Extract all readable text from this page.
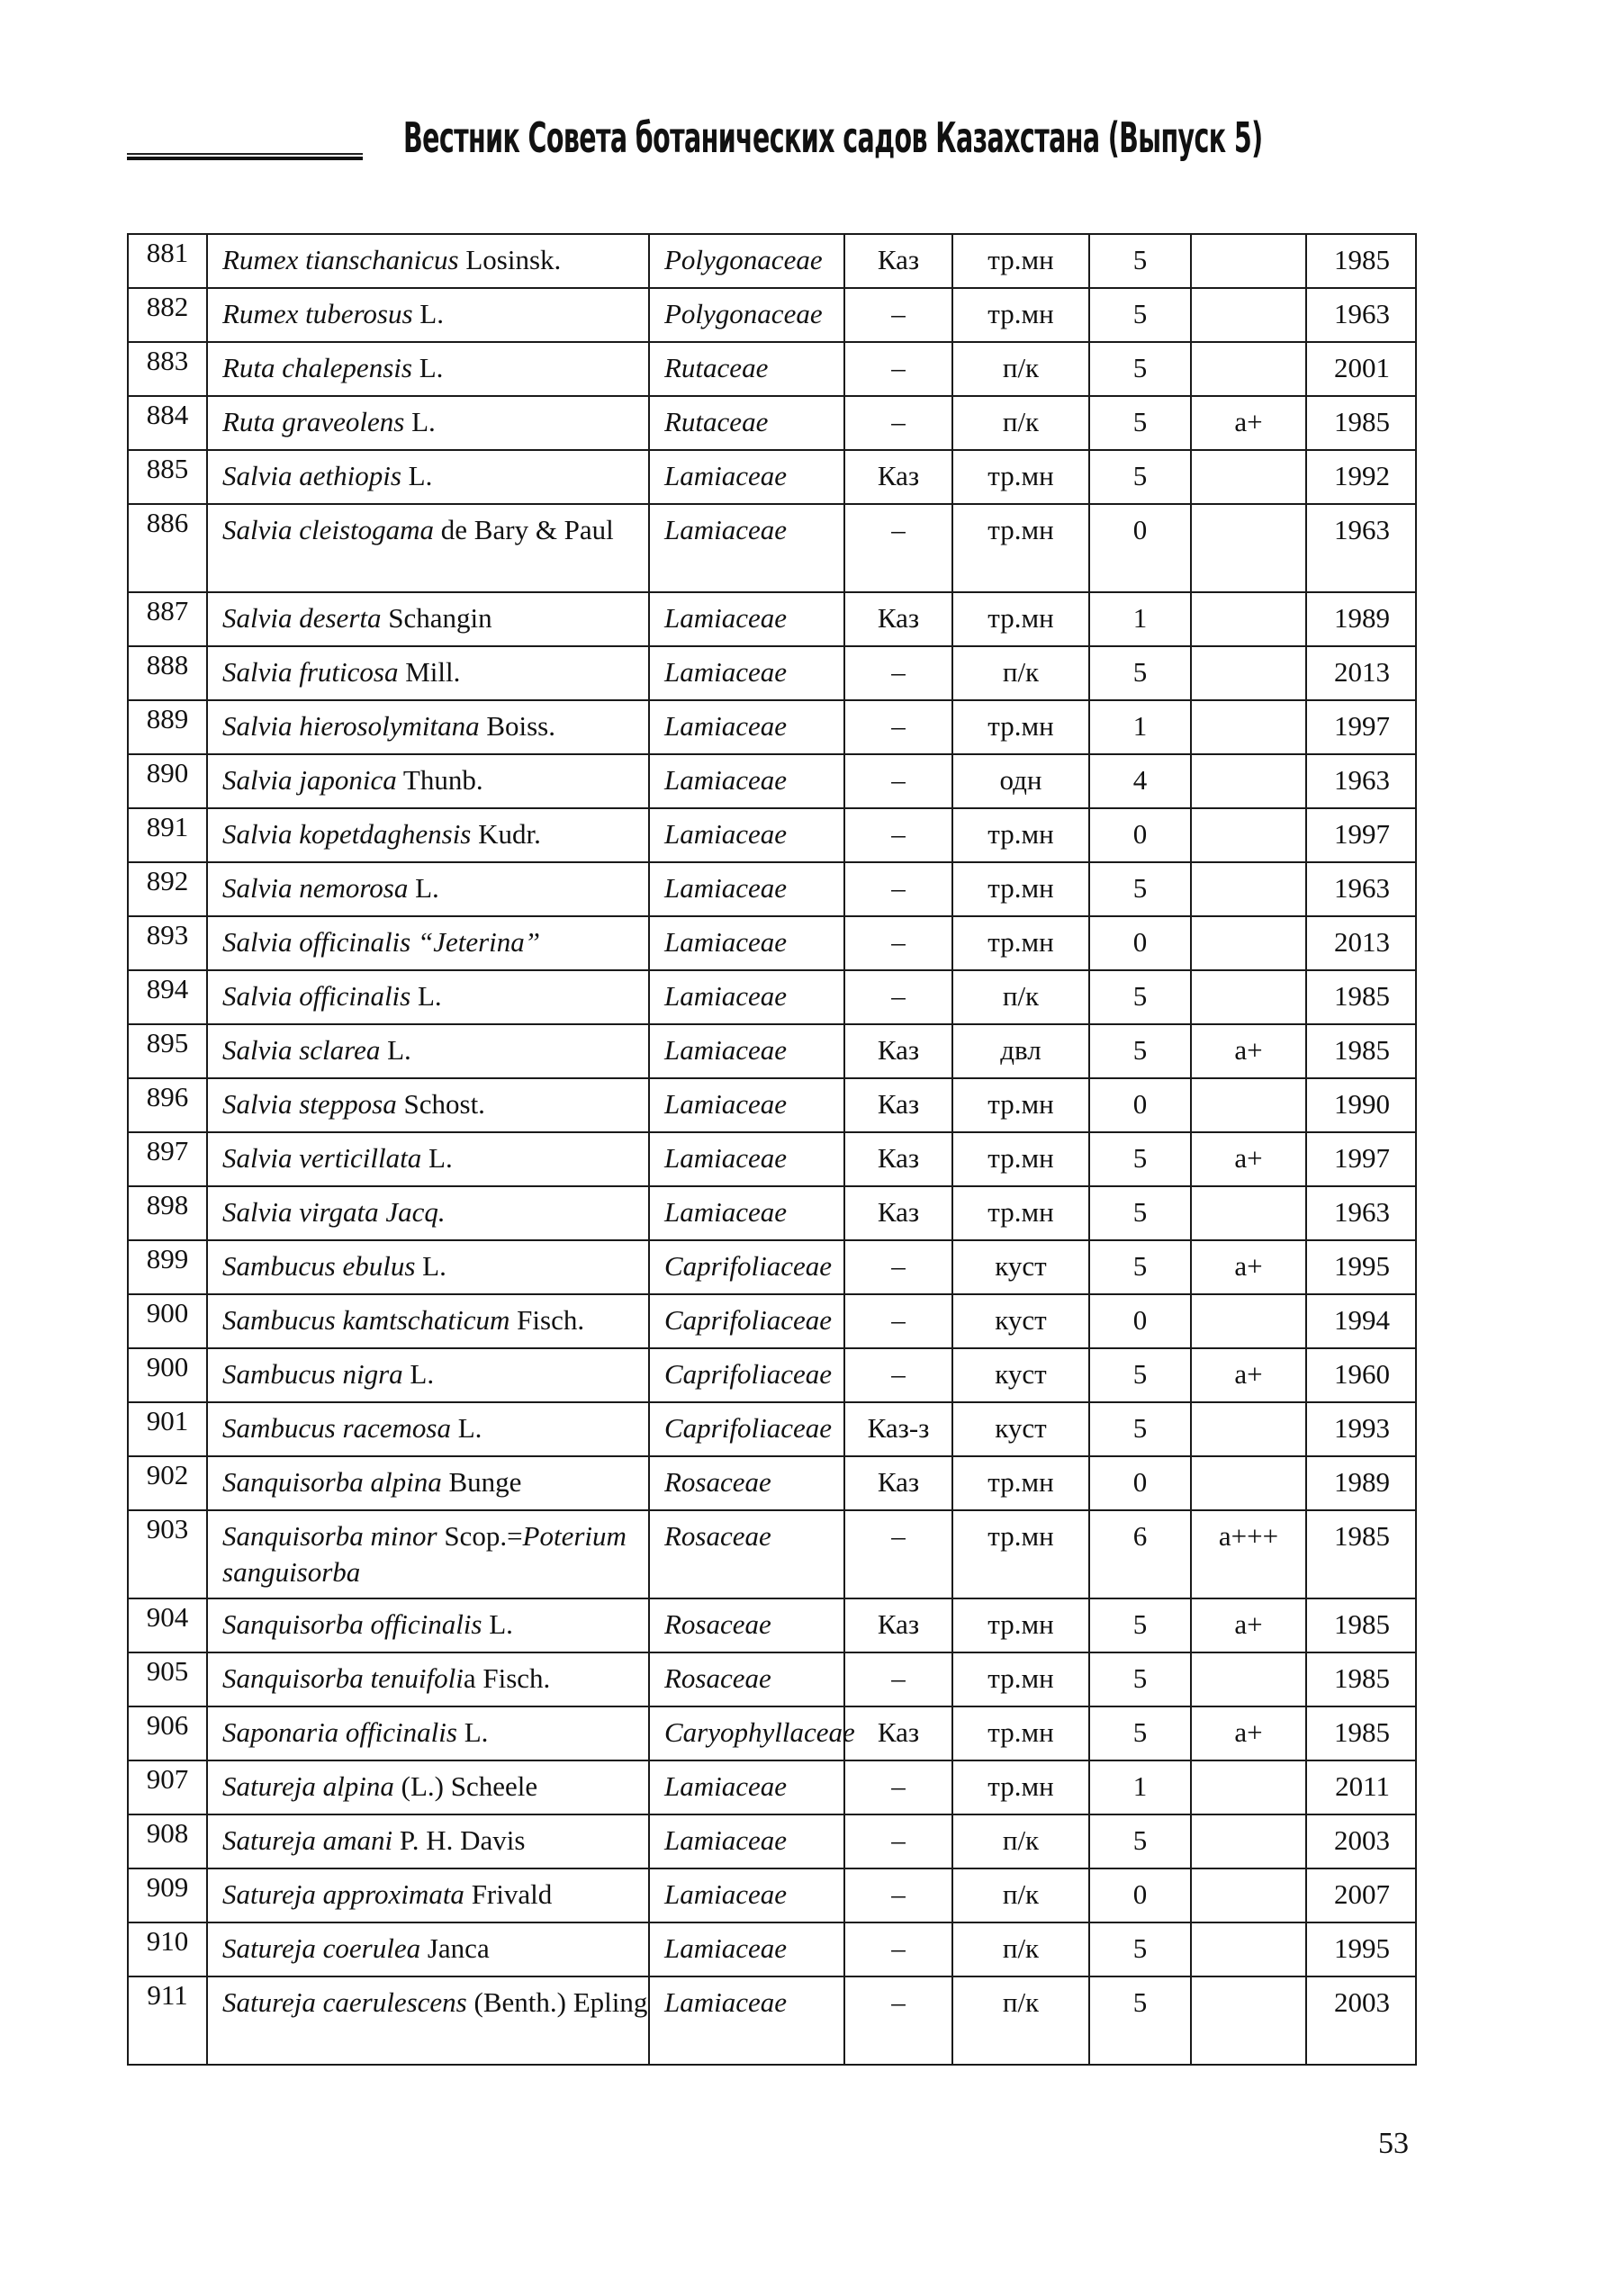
Вестник Совета ботанических садов Казахстана (Выпуск 5)
881	Rumex tianschanicus Losinsk.	Polygonaceae	Каз	тр.мн	5		1985
882	Rumex tuberosus L.	Polygonaceae	–	тр.мн	5		1963
883	Ruta chalepensis L.	Rutaceae	–	п/к	5		2001
884	Ruta graveolens L.	Rutaceae	–	п/к	5	а+	1985
885	Salvia aethiopis L.	Lamiaceae	Каз	тр.мн	5		1992
886	Salvia cleistogama de Bary & Paul	Lamiaceae	–	тр.мн	0		1963
887	Salvia deserta Schangin	Lamiaceae	Каз	тр.мн	1		1989
888	Salvia fruticosa Mill.	Lamiaceae	–	п/к	5		2013
889	Salvia hierosolymitana Boiss.	Lamiaceae	–	тр.мн	1		1997
890	Salvia japonica Thunb.	Lamiaceae	–	одн	4		1963
891	Salvia kopetdaghensis Kudr.	Lamiaceae	–	тр.мн	0		1997
892	Salvia nemorosa L.	Lamiaceae	–	тр.мн	5		1963
893	Salvia officinalis “Jeterina”	Lamiaceae	–	тр.мн	0		2013
894	Salvia officinalis L.	Lamiaceae	–	п/к	5		1985
895	Salvia sclarea L.	Lamiaceae	Каз	двл	5	а+	1985
896	Salvia stepposa Schost.	Lamiaceae	Каз	тр.мн	0		1990
897	Salvia verticillata L.	Lamiaceae	Каз	тр.мн	5	а+	1997
898	Salvia virgata Jacq.	Lamiaceae	Каз	тр.мн	5		1963
899	Sambucus ebulus L.	Caprifoliaceae	–	куст	5	а+	1995
900	Sambucus kamtschaticum Fisch.	Caprifoliaceae	–	куст	0		1994
900	Sambucus nigra L.	Caprifoliaceae	–	куст	5	а+	1960
901	Sambucus racemosa L.	Caprifoliaceae	Каз-з	куст	5		1993
902	Sanquisorba alpina Bunge	Rosaceae	Каз	тр.мн	0		1989
903	Sanquisorba minor Scop.=Poterium sanguisorba	Rosaceae	–	тр.мн	6	а+++	1985
904	Sanquisorba officinalis L.	Rosaceae	Каз	тр.мн	5	а+	1985
905	Sanquisorba tenuifolia Fisch.	Rosaceae	–	тр.мн	5		1985
906	Saponaria officinalis L.	Caryophyllaceae	Каз	тр.мн	5	а+	1985
907	Satureja alpina (L.) Scheele	Lamiaceae	–	тр.мн	1		2011
908	Satureja amani P. H. Davis	Lamiaceae	–	п/к	5		2003
909	Satureja approximata Frivald	Lamiaceae	–	п/к	0		2007
910	Satureja coerulea Janca	Lamiaceae	–	п/к	5		1995
911	Satureja caerulescens (Benth.) Epling	Lamiaceae	–	п/к	5		2003
53
